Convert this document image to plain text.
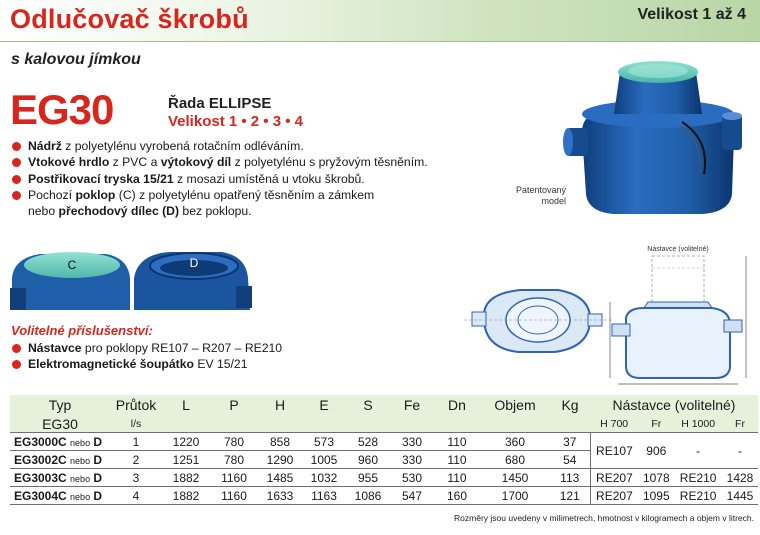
Odlučovač škrobů	Velikost 1 až 4
s kalovou jímkou
EG30	Řada ELLIPSE
Velikost 1 • 2 • 3 • 4
Nádrž z polyetylénu vyrobená rotačním odléváním.
Vtokové hrdlo z PVC a výtokový díl z polyetylénu s pryžovým těsněním.
Postřikovací tryska 15/21 z mosazi umístěná u vtoku škrobů.
Pochozí poklop (C) z polyetylénu opatřený těsněním a zámkem
nebo přechodový dílec (D) bez poklopu.
Patentovaný model
C	D
Nástavce (volitelné)
Volitelné příslušenství:
Nástavce pro poklopy RE107 – R207 – RE210
Elektromagnetické šoupátko EV 15/21
Typ	Průtok	L	P	H	E	S	Fe	Dn	Objem	Kg	Nástavce (volitelné)			
EG30	l/s										H 700	Fr	H 1000	Fr
EG3000C nebo D	1	1220	780	858	573	528	330	110	360	37	RE107	906	-	-
EG3002C nebo D	2	1251	780	1290	1005	960	330	110	680	54				
EG3003C nebo D	3	1882	1160	1485	1032	955	530	110	1450	113	RE207	1078	RE210	1428
EG3004C nebo D	4	1882	1160	1633	1163	1086	547	160	1700	121	RE207	1095	RE210	1445
Rozměry jsou uvedeny v milimetrech, hmotnost v kilogramech a objem v litrech.
